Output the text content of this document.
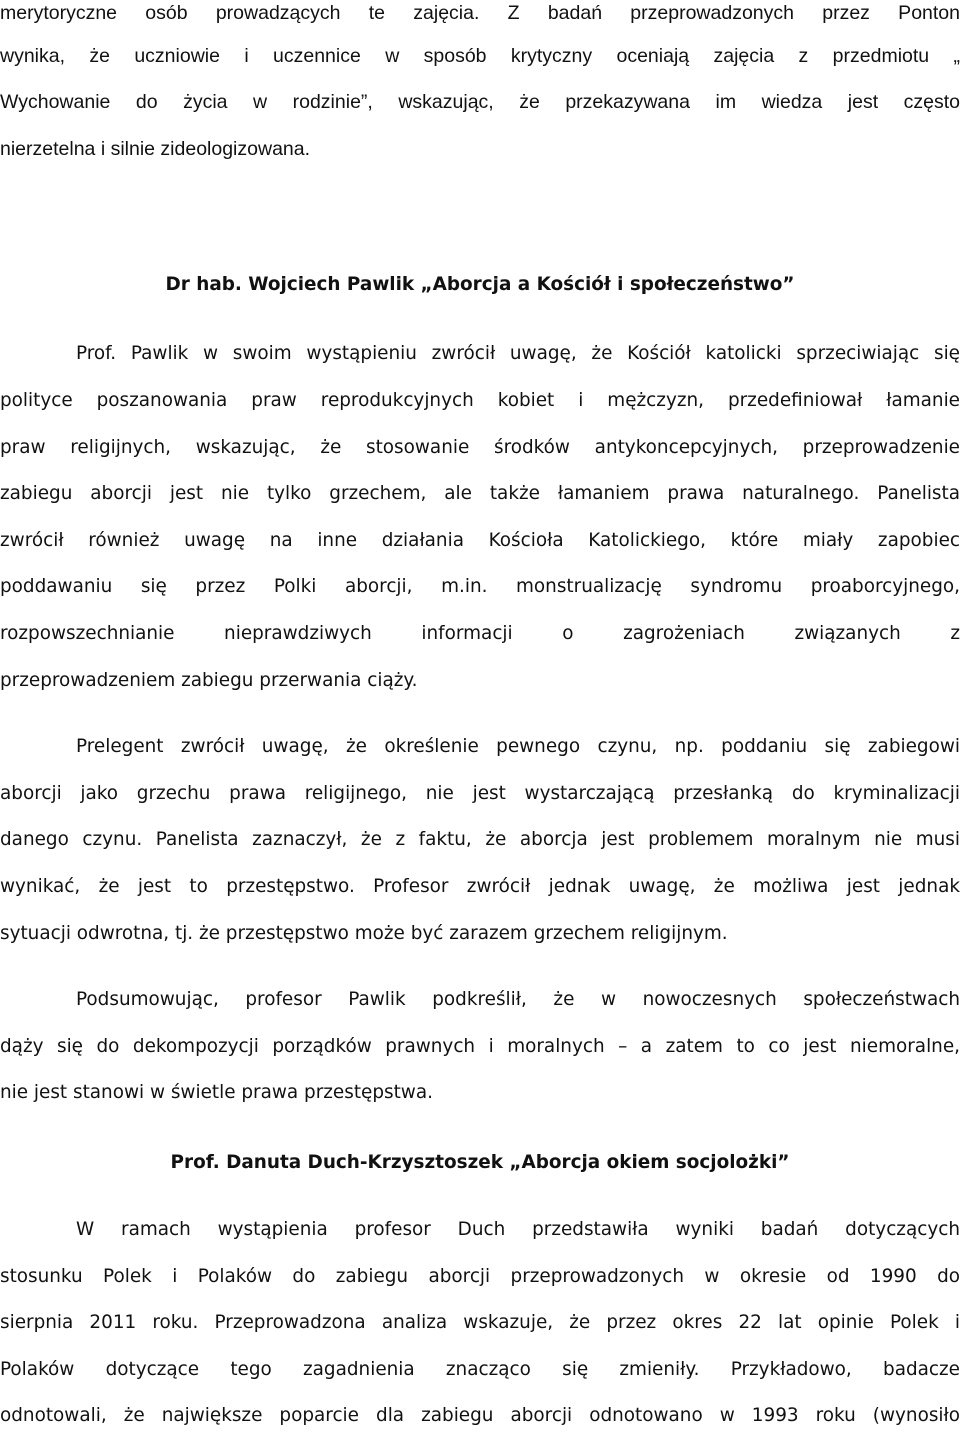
merytoryczne osób prowadzących te zajęcia. Z badań przeprowadzonych przez Ponton
wynika, że uczniowie i uczennice w sposób krytyczny oceniają zajęcia z przedmiotu „
Wychowanie do życia w rodzinie”, wskazując, że przekazywana im wiedza jest często
nierzetelna i silnie zideologizowana.
Dr hab. Wojciech Pawlik „Aborcja a Kościół i społeczeństwo”
Prof. Pawlik w swoim wystąpieniu zwrócił uwagę, że Kościół katolicki sprzeciwiając się
polityce poszanowania praw reprodukcyjnych kobiet i mężczyzn, przedefiniował łamanie
praw religijnych, wskazując, że stosowanie środków antykoncepcyjnych, przeprowadzenie
zabiegu aborcji jest nie tylko grzechem, ale także łamaniem prawa naturalnego. Panelista
zwrócił również uwagę na inne działania Kościoła Katolickiego, które miały zapobiec
poddawaniu się przez Polki aborcji, m.in. monstrualizację syndromu proaborcyjnego,
rozpowszechnianie nieprawdziwych informacji o zagrożeniach związanych z
przeprowadzeniem zabiegu przerwania ciąży.
Prelegent zwrócił uwagę, że określenie pewnego czynu, np. poddaniu się zabiegowi
aborcji jako grzechu prawa religijnego, nie jest wystarczającą przesłanką do kryminalizacji
danego czynu. Panelista zaznaczył, że z faktu, że aborcja jest problemem moralnym nie musi
wynikać, że jest to przestępstwo. Profesor zwrócił jednak uwagę, że możliwa jest jednak
sytuacji odwrotna, tj. że przestępstwo może być zarazem grzechem religijnym.
Podsumowując, profesor Pawlik podkreślił, że w nowoczesnych społeczeństwach
dąży się do dekompozycji porządków prawnych i moralnych – a zatem to co jest niemoralne,
nie jest stanowi w świetle prawa przestępstwa.
Prof. Danuta Duch-Krzysztoszek „Aborcja okiem socjolożki”
W ramach wystąpienia profesor Duch przedstawiła wyniki badań dotyczących
stosunku Polek i Polaków do zabiegu aborcji przeprowadzonych w okresie od 1990 do
sierpnia 2011 roku. Przeprowadzona analiza wskazuje, że przez okres 22 lat opinie Polek i
Polaków dotyczące tego zagadnienia znacząco się zmieniły. Przykładowo, badacze
odnotowali, że największe poparcie dla zabiegu aborcji odnotowano w 1993 roku (wynosiło
